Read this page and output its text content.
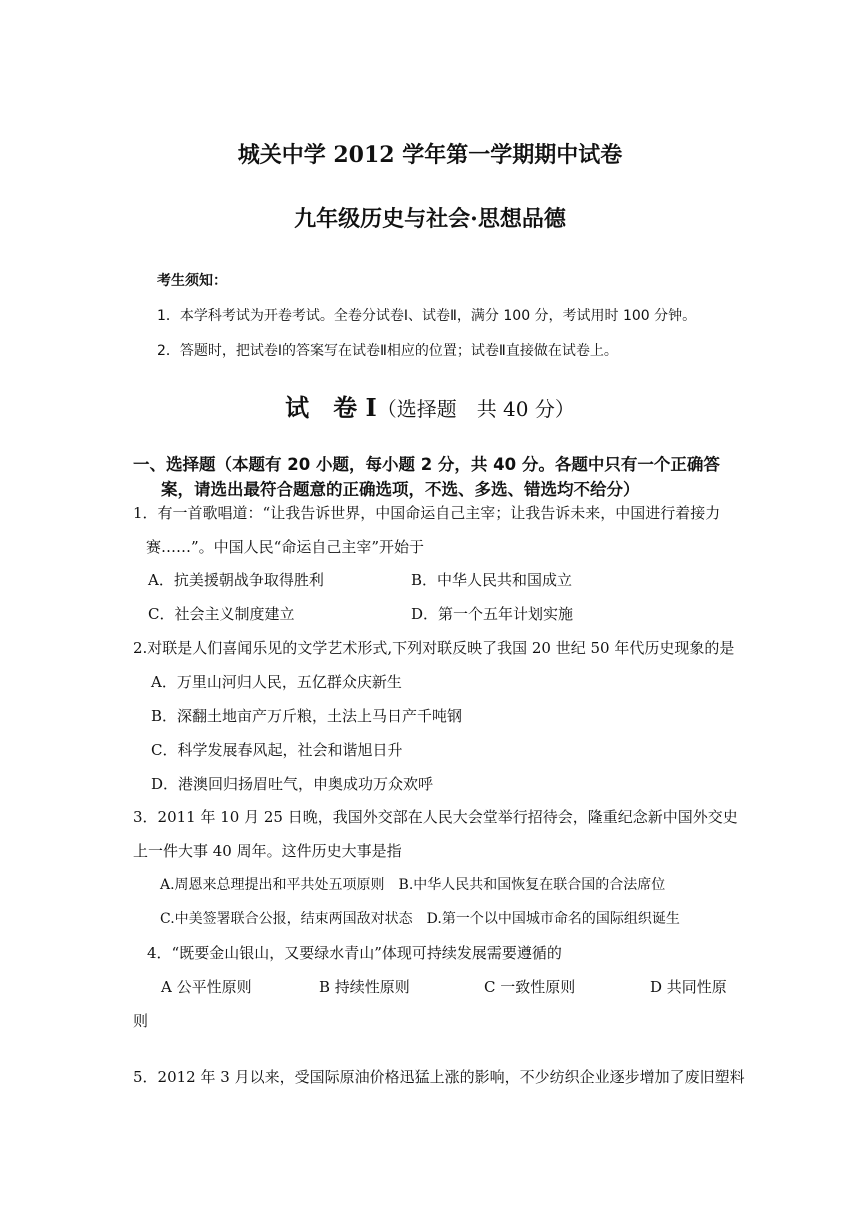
城关中学 2012 学年第一学期期中试卷
九年级历史与社会·思想品德
考生须知：
1．本学科考试为开卷考试。全卷分试卷Ⅰ、试卷Ⅱ，满分 100 分，考试用时 100 分钟。
2．答题时，把试卷Ⅰ的答案写在试卷Ⅱ相应的位置；试卷Ⅱ直接做在试卷上。
试　卷 Ⅰ（选择题　共 40 分）
一、选择题（本题有 20 小题，每小题 2 分，共 40 分。各题中只有一个正确答
案，请选出最符合题意的正确选项，不选、多选、错选均不给分）
1．有一首歌唱道：“让我告诉世界，中国命运自己主宰；让我告诉未来，中国进行着接力
赛……”。中国人民“命运自己主宰”开始于
A．抗美援朝战争取得胜利	B．中华人民共和国成立
C．社会主义制度建立	D．第一个五年计划实施
2.对联是人们喜闻乐见的文学艺术形式,下列对联反映了我国 20 世纪 50 年代历史现象的是
A．万里山河归人民，五亿群众庆新生
B．深翻土地亩产万斤粮，土法上马日产千吨钢
C．科学发展春风起，社会和谐旭日升
D．港澳回归扬眉吐气，申奥成功万众欢呼
3．2011 年 10 月 25 日晚，我国外交部在人民大会堂举行招待会，隆重纪念新中国外交史
上一件大事 40 周年。这件历史大事是指
A.周恩来总理提出和平共处五项原则　B.中华人民共和国恢复在联合国的合法席位
C.中美签署联合公报，结束两国敌对状态　D.第一个以中国城市命名的国际组织诞生
4．“既要金山银山，又要绿水青山”体现可持续发展需要遵循的
A 公平性原则	B 持续性原则	C 一致性原则	D 共同性原
则
5．2012 年 3 月以来，受国际原油价格迅猛上涨的影响，不少纺织企业逐步增加了废旧塑料
